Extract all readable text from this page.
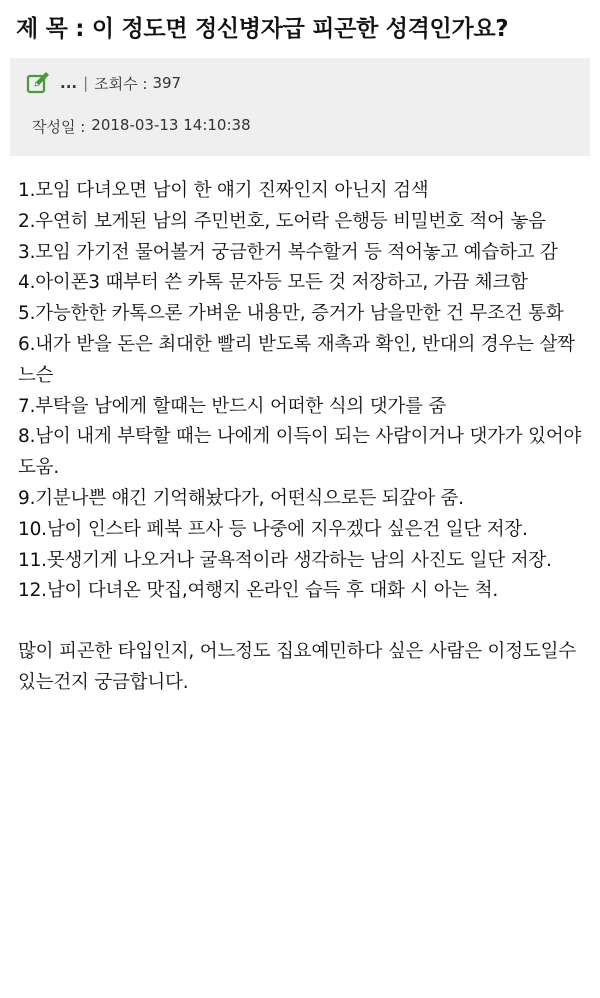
제 목 : 이 정도면 정신병자급 피곤한 성격인가요?
... | 조회수 : 397
작성일 : 2018-03-13 14:10:38

1.모임 다녀오면 남이 한 얘기 진짜인지 아닌지 검색

2.우연히 보게된 남의 주민번호, 도어락 은행등 비밀번호 적어 놓음

3.모임 가기전 물어볼거 궁금한거 복수할거 등 적어놓고 예습하고 감

4.아이폰3 때부터 쓴 카톡 문자등 모든 것 저장하고, 가끔 체크함

5.가능한한 카톡으론 가벼운 내용만, 증거가 남을만한 건 무조건 통화

6.내가 받을 돈은 최대한 빨리 받도록 재촉과 확인, 반대의 경우는 살짝 느슨

7.부탁을 남에게 할때는 반드시 어떠한 식의 댓가를 줌

8.남이 내게 부탁할 때는 나에게 이득이 되는 사람이거나 댓가가 있어야 도움.

9.기분나쁜 얘긴 기억해놨다가, 어떤식으로든 되갚아 줌.

10.남이 인스타 페북 프사 등 나중에 지우겠다 싶은건 일단 저장.

11.못생기게 나오거나 굴욕적이라 생각하는 남의 사진도 일단 저장.

12.남이 다녀온 맛집,여행지 온라인 습득 후 대화 시 아는 척.

많이 피곤한 타입인지, 어느정도 집요예민하다 싶은 사람은 이정도일수 있는건지 궁금합니다.
